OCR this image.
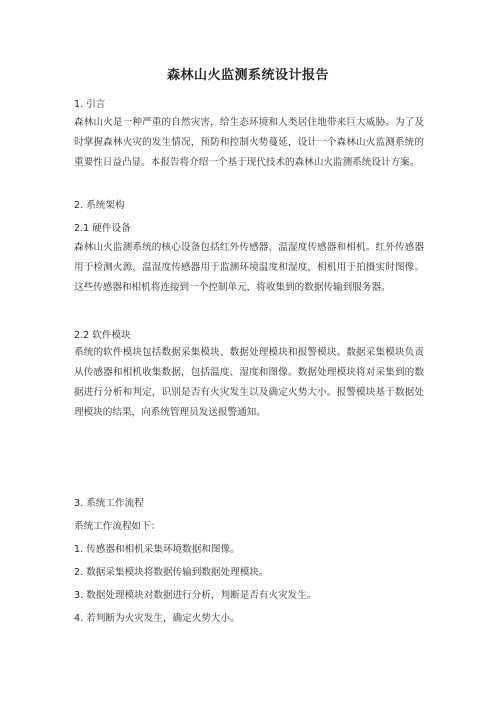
森林山火监测系统设计报告
1. 引言
森林山火是一种严重的自然灾害，给生态环境和人类居住地带来巨大威胁。为了及时掌握森林火灾的发生情况，预防和控制火势蔓延，设计一个森林山火监测系统的重要性日益凸显。本报告将介绍一个基于现代技术的森林山火监测系统设计方案。
2. 系统架构
2.1 硬件设备
森林山火监测系统的核心设备包括红外传感器、温湿度传感器和相机。红外传感器用于检测火源，温湿度传感器用于监测环境温度和湿度，相机用于拍摄实时图像。这些传感器和相机将连接到一个控制单元，将收集到的数据传输到服务器。
2.2 软件模块
系统的软件模块包括数据采集模块、数据处理模块和报警模块。数据采集模块负责从传感器和相机收集数据，包括温度、湿度和图像。数据处理模块将对采集到的数据进行分析和判定，识别是否有火灾发生以及确定火势大小。报警模块基于数据处理模块的结果，向系统管理员发送报警通知。
3. 系统工作流程
系统工作流程如下：
1. 传感器和相机采集环境数据和图像。
2. 数据采集模块将数据传输到数据处理模块。
3. 数据处理模块对数据进行分析，判断是否有火灾发生。
4. 若判断为火灾发生，确定火势大小。
